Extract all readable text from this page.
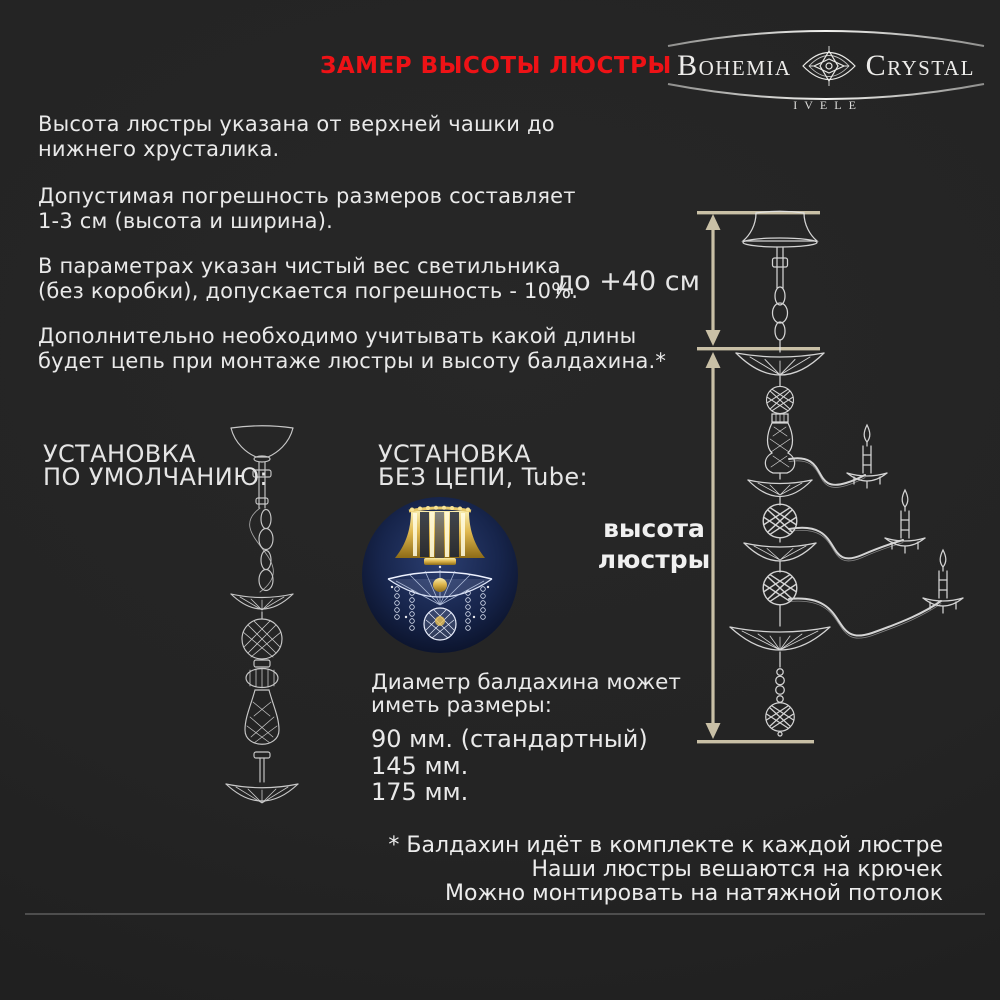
ЗАМЕР ВЫСОТЫ ЛЮСТРЫ BOHEMIA	CRYSTAL
IVELE
Высота люстры указана от верхней чашки до
нижнего хрусталика.
Допустимая погрешность размеров составляет
1-3 см (высота и ширина).
В параметрах указан чистый вес светильника
(без коробки), допускается погрешность - 10%.
Дополнительно необходимо учитывать какой длины
будет цепь при монтаже люстры и высоту балдахина.*
до +40 см
высота
люстры
УСТАНОВКА
ПО УМОЛЧАНИЮ:
УСТАНОВКА
БЕЗ ЦЕПИ, Tube:
Диаметр балдахина может
иметь размеры:
90 мм. (стандартный)
145 мм.
175 мм.
* Балдахин идёт в комплекте к каждой люстре
Наши люстры вешаются на крючек
Можно монтировать на натяжной потолок
